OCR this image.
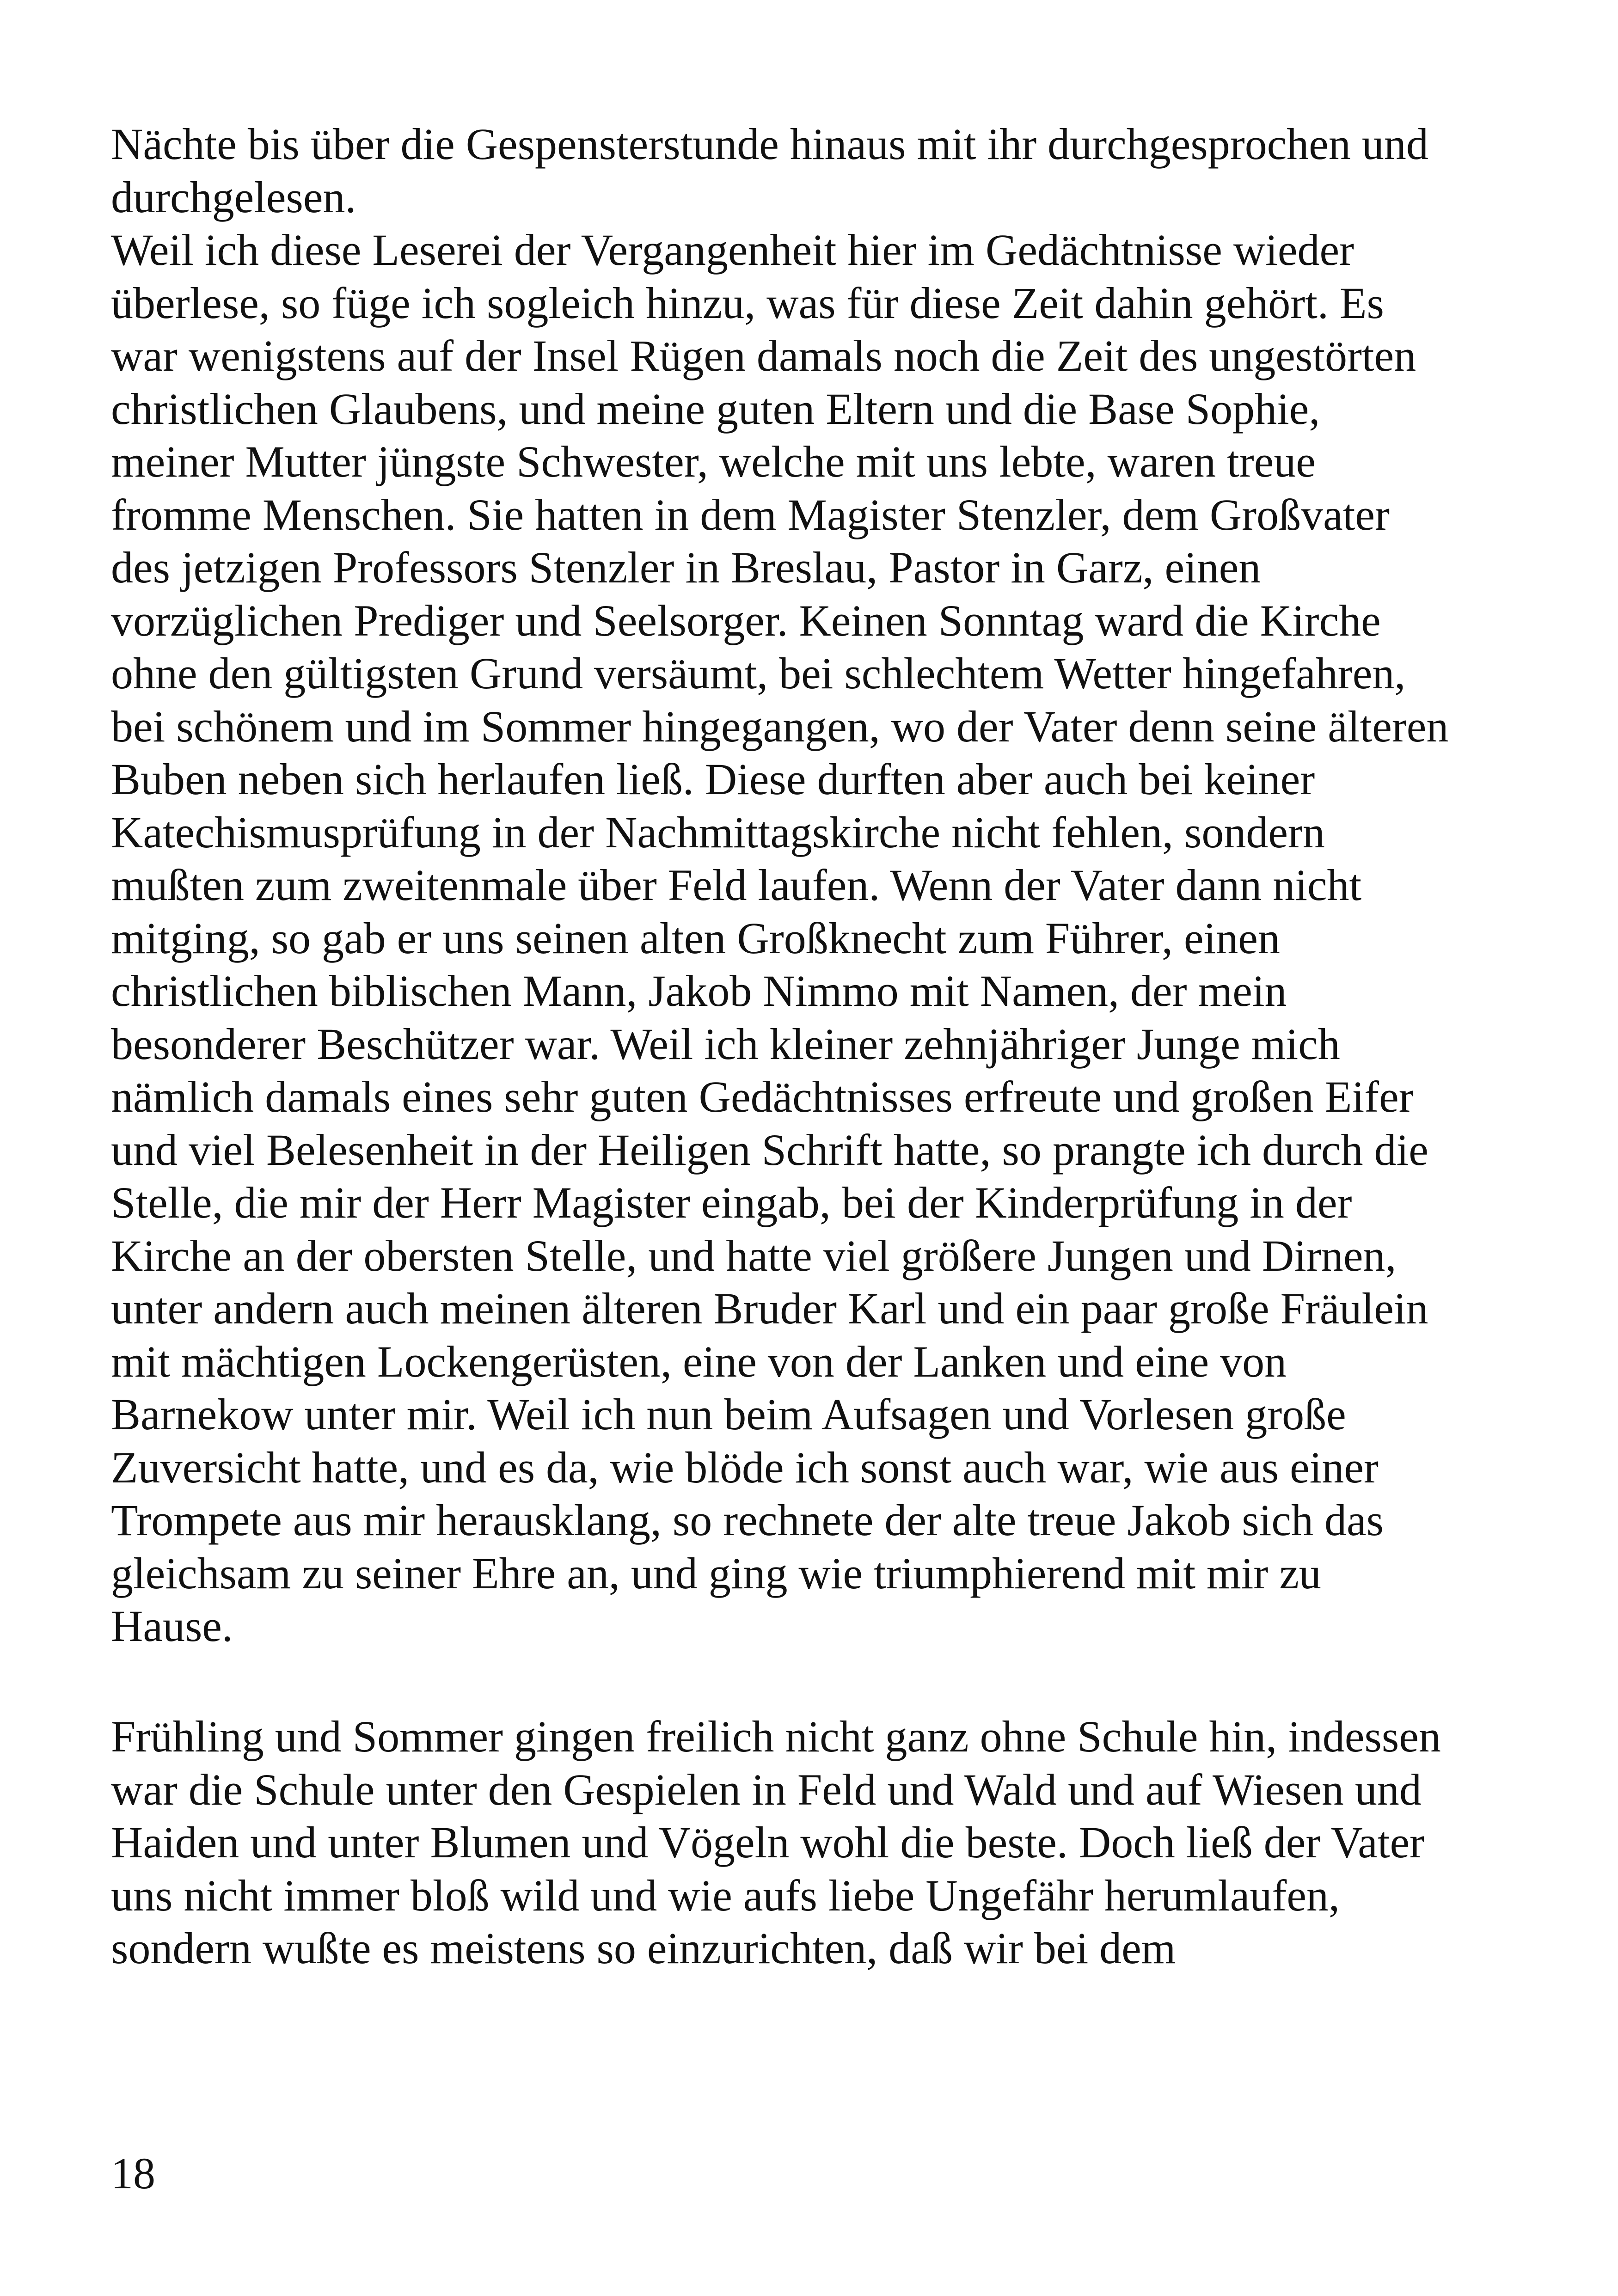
Nächte bis über die Gespensterstunde hinaus mit ihr durchgesprochen und
durchgelesen.
Weil ich diese Leserei der Vergangenheit hier im Gedächtnisse wieder
überlese, so füge ich sogleich hinzu, was für diese Zeit dahin gehört. Es
war wenigstens auf der Insel Rügen damals noch die Zeit des ungestörten
christlichen Glaubens, und meine guten Eltern und die Base Sophie,
meiner Mutter jüngste Schwester, welche mit uns lebte, waren treue
fromme Menschen. Sie hatten in dem Magister Stenzler, dem Großvater
des jetzigen Professors Stenzler in Breslau, Pastor in Garz, einen
vorzüglichen Prediger und Seelsorger. Keinen Sonntag ward die Kirche
ohne den gültigsten Grund versäumt, bei schlechtem Wetter hingefahren,
bei schönem und im Sommer hingegangen, wo der Vater denn seine älteren
Buben neben sich herlaufen ließ. Diese durften aber auch bei keiner
Katechismusprüfung in der Nachmittagskirche nicht fehlen, sondern
mußten zum zweitenmale über Feld laufen. Wenn der Vater dann nicht
mitging, so gab er uns seinen alten Großknecht zum Führer, einen
christlichen biblischen Mann, Jakob Nimmo mit Namen, der mein
besonderer Beschützer war. Weil ich kleiner zehnjähriger Junge mich
nämlich damals eines sehr guten Gedächtnisses erfreute und großen Eifer
und viel Belesenheit in der Heiligen Schrift hatte, so prangte ich durch die
Stelle, die mir der Herr Magister eingab, bei der Kinderprüfung in der
Kirche an der obersten Stelle, und hatte viel größere Jungen und Dirnen,
unter andern auch meinen älteren Bruder Karl und ein paar große Fräulein
mit mächtigen Lockengerüsten, eine von der Lanken und eine von
Barnekow unter mir. Weil ich nun beim Aufsagen und Vorlesen große
Zuversicht hatte, und es da, wie blöde ich sonst auch war, wie aus einer
Trompete aus mir herausklang, so rechnete der alte treue Jakob sich das
gleichsam zu seiner Ehre an, und ging wie triumphierend mit mir zu
Hause.
Frühling und Sommer gingen freilich nicht ganz ohne Schule hin, indessen
war die Schule unter den Gespielen in Feld und Wald und auf Wiesen und
Haiden und unter Blumen und Vögeln wohl die beste. Doch ließ der Vater
uns nicht immer bloß wild und wie aufs liebe Ungefähr herumlaufen,
sondern wußte es meistens so einzurichten, daß wir bei dem
18
